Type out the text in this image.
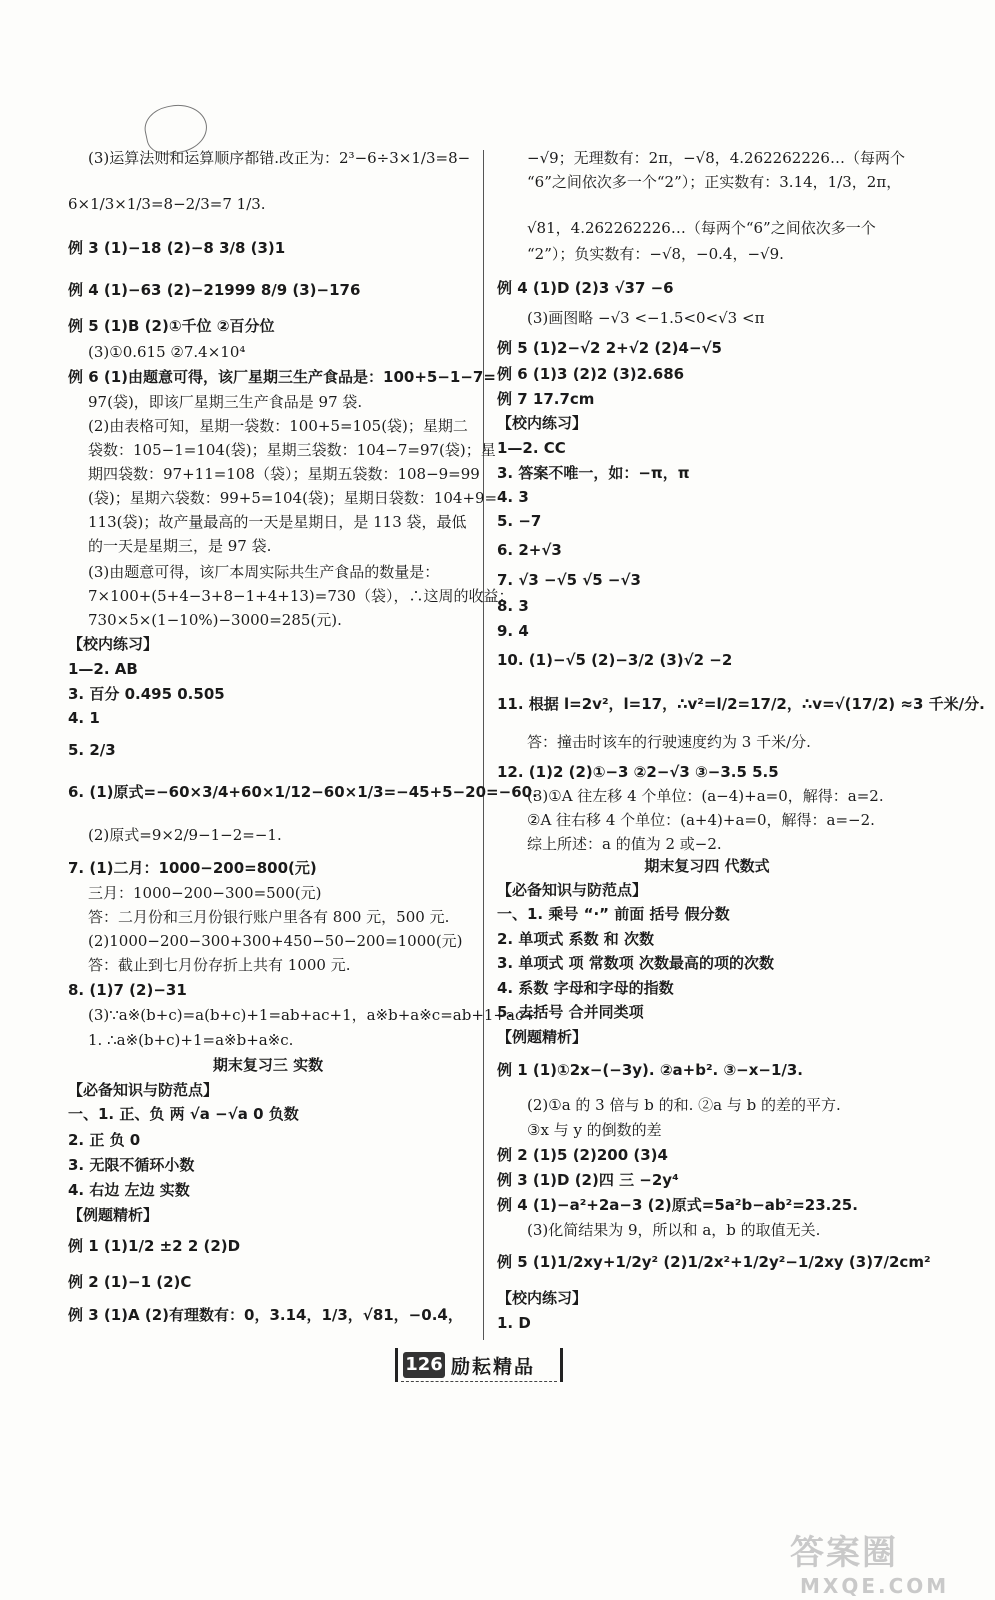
期末复习三 实数
【必备知识与防范点】
(3)运算法则和运算顺序都错.改正为：2³−6÷3×1/3=8−
6×1/3×1/3=8−2/3=7 1/3.
例 3 (1)−18 (2)−8 3/8 (3)1
例 4 (1)−63 (2)−21999 8/9 (3)−176
例 5 (1)B (2)①千位 ②百分位
(3)①0.615 ②7.4×10⁴
例 6 (1)由题意可得，该厂星期三生产食品是：100+5−1−7=
97(袋)，即该厂星期三生产食品是 97 袋.
(2)由表格可知，星期一袋数：100+5=105(袋)；星期二
袋数：105−1=104(袋)；星期三袋数：104−7=97(袋)；星
期四袋数：97+11=108（袋）；星期五袋数：108−9=99
(袋)；星期六袋数：99+5=104(袋)；星期日袋数：104+9=
113(袋)；故产量最高的一天是星期日，是 113 袋，最低
的一天是星期三，是 97 袋.
(3)由题意可得，该厂本周实际共生产食品的数量是：
7×100+(5+4−3+8−1+4+13)=730（袋），∴这周的收益：
730×5×(1−10%)−3000=285(元).
【校内练习】
1—2. AB
3. 百分 0.495 0.505
4. 1
5. 2/3
6. (1)原式=−60×3/4+60×1/12−60×1/3=−45+5−20=−60.
(2)原式=9×2/9−1−2=−1.
7. (1)二月：1000−200=800(元)
三月：1000−200−300=500(元)
答：二月份和三月份银行账户里各有 800 元，500 元.
(2)1000−200−300+300+450−50−200=1000(元)
答：截止到七月份存折上共有 1000 元.
8. (1)7 (2)−31
(3)∵a※(b+c)=a(b+c)+1=ab+ac+1，a※b+a※c=ab+1+ac+
1. ∴a※(b+c)+1=a※b+a※c.
一、1. 正、负 两 √a −√a 0 负数
2. 正 负 0
3. 无限不循环小数
4. 右边 左边 实数
【例题精析】
例 1 (1)1/2 ±2 2 (2)D
例 2 (1)−1 (2)C
例 3 (1)A (2)有理数有：0，3.14，1/3，√81，−0.4̇，
期末复习四 代数式
−√9；无理数有：2π，−√8，4.262262226…（每两个
“6”之间依次多一个“2”）；正实数有：3.14，1/3，2π，
√81，4.262262226…（每两个“6”之间依次多一个
“2”）；负实数有：−√8，−0.4̇，−√9.
例 4 (1)D (2)3 √37 −6
(3)画图略 −√3 <−1.5<0<√3 <π
例 5 (1)2−√2 2+√2 (2)4−√5
例 6 (1)3 (2)2 (3)2.686
例 7 17.7cm
【校内练习】
1—2. CC
3. 答案不唯一，如：−π，π
4. 3
5. −7
6. 2+√3
7. √3 −√5 √5 −√3
8. 3
9. 4
10. (1)−√5 (2)−3/2 (3)√2 −2
11. 根据 l=2v²，l=17，∴v²=l/2=17/2，∴v=√(17/2) ≈3 千米/分.
答：撞击时该车的行驶速度约为 3 千米/分.
12. (1)2 (2)①−3 ②2−√3 ③−3.5 5.5
(3)①A 往左移 4 个单位：(a−4)+a=0，解得：a=2.
②A 往右移 4 个单位：(a+4)+a=0，解得：a=−2.
综上所述：a 的值为 2 或−2.
【必备知识与防范点】
一、1. 乘号 “·” 前面 括号 假分数
2. 单项式 系数 和 次数
3. 单项式 项 常数项 次数最高的项的次数
4. 系数 字母和字母的指数
5. 去括号 合并同类项
【例题精析】
例 1 (1)①2x−(−3y). ②a+b². ③−x−1/3.
(2)①a 的 3 倍与 b 的和. ②a 与 b 的差的平方.
③x 与 y 的倒数的差
例 2 (1)5 (2)200 (3)4
例 3 (1)D (2)四 三 −2y⁴
例 4 (1)−a²+2a−3 (2)原式=5a²b−ab²=23.25.
(3)化简结果为 9，所以和 a，b 的取值无关.
例 5 (1)1/2xy+1/2y² (2)1/2x²+1/2y²−1/2xy (3)7/2cm²
【校内练习】
1. D
126 励耘精品
答案圈
MXQE.COM
